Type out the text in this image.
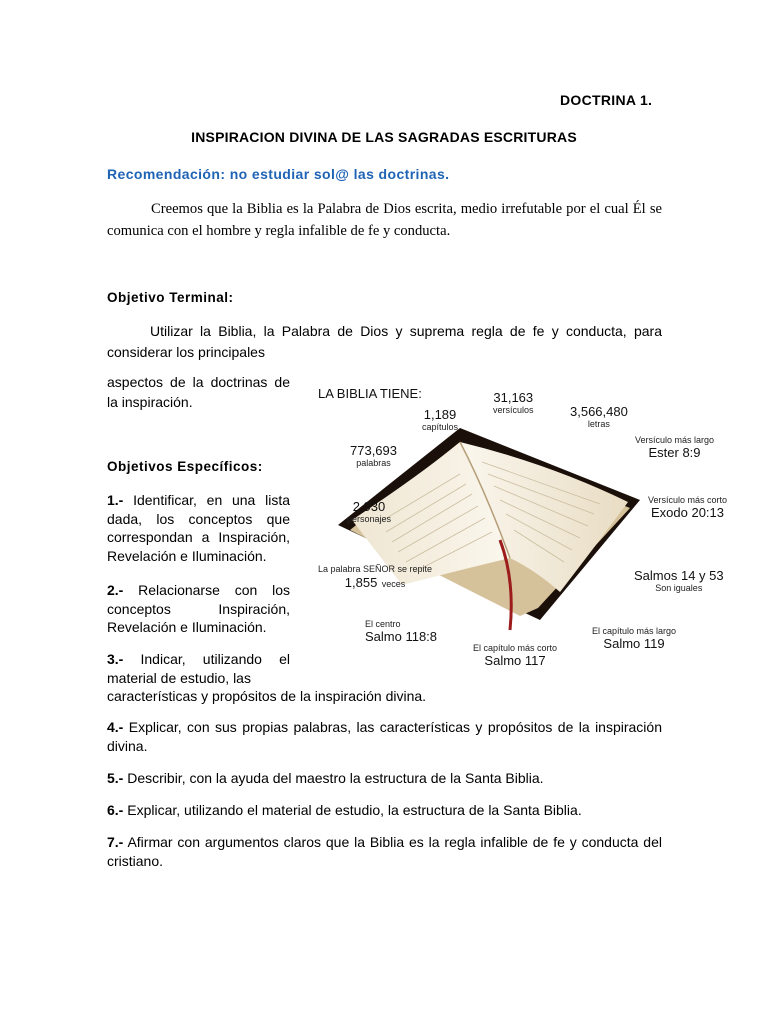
DOCTRINA 1.
INSPIRACION DIVINA DE LAS SAGRADAS ESCRITURAS
Recomendación: no estudiar sol@ las doctrinas.
Creemos que la Biblia es la Palabra de Dios escrita, medio irrefutable por el cual Él se comunica con el hombre y regla infalible de fe y conducta.
Objetivo Terminal:
Utilizar la Biblia, la Palabra de Dios y suprema regla de fe y conducta, para
considerar los principales
aspectos de la doctrinas de la inspiración.
Objetivos Específicos:
1.- Identificar, en una lista dada, los conceptos que correspondan a Inspiración, Revelación e Iluminación.
2.- Relacionarse con los conceptos Inspiración, Revelación e Iluminación.
3.- Indicar, utilizando el material de estudio, las
características y propósitos de la inspiración divina.
4.- Explicar, con sus propias palabras, las características y propósitos de la inspiración divina.
5.- Describir, con la ayuda del maestro la estructura de la Santa Biblia.
6.- Explicar, utilizando el material de estudio, la estructura de la Santa Biblia.
7.- Afirmar con argumentos claros que la Biblia es la regla infalible de fe y conducta del cristiano.
LA BIBLIA TIENE:
1,189
capítulos
31,163
versículos	3,566,480
letras
773,693
palabras
Versículo más largo
Ester 8:9
2,930
personajes
Versículo más corto
Exodo 20:13
La palabra SEÑOR se repite
1,855 veces
Salmos 14 y 53
Son iguales
El centro
Salmo 118:8
El capítulo más corto
Salmo 117
El capítulo más largo
Salmo 119
